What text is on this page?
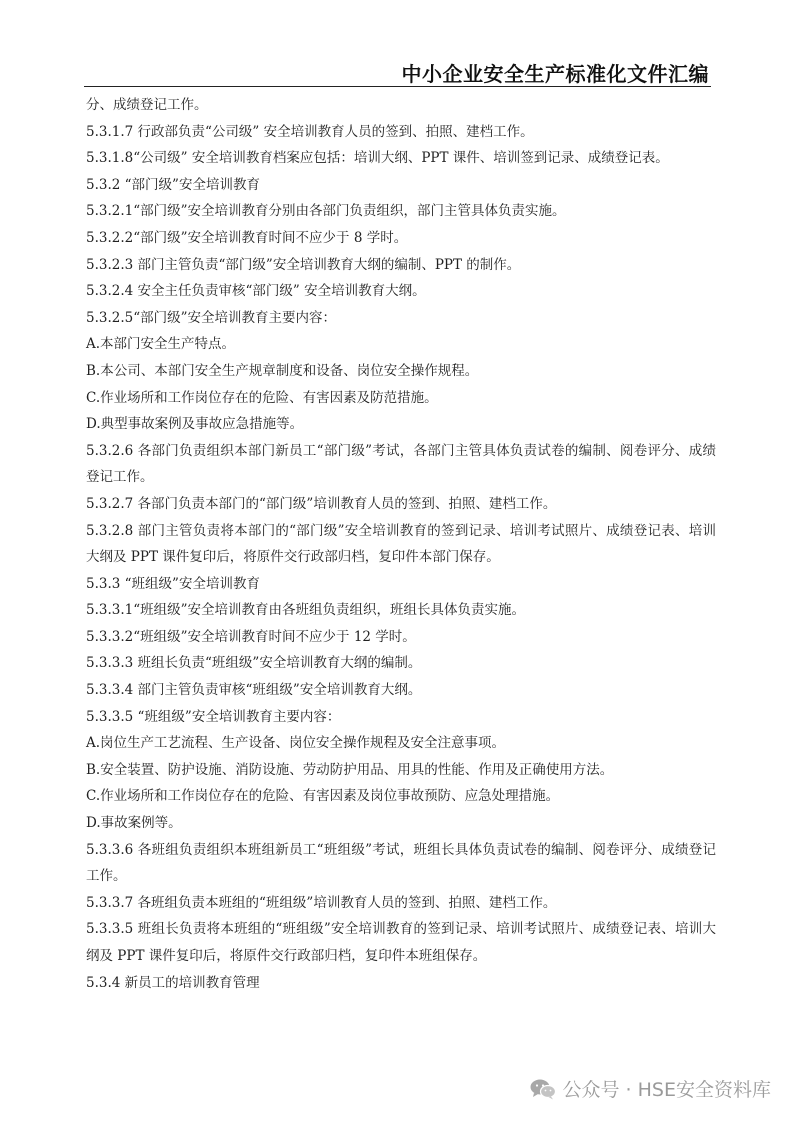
中小企业安全生产标准化文件汇编

分、成绩登记工作。

5.3.1.7 行政部负责“公司级” 安全培训教育人员的签到、拍照、建档工作。

5.3.1.8“公司级” 安全培训教育档案应包括：培训大纲、PPT 课件、培训签到记录、成绩登记表。

5.3.2 “部门级”安全培训教育

5.3.2.1“部门级”安全培训教育分别由各部门负责组织，部门主管具体负责实施。

5.3.2.2“部门级”安全培训教育时间不应少于 8 学时。

5.3.2.3 部门主管负责“部门级”安全培训教育大纲的编制、PPT 的制作。

5.3.2.4 安全主任负责审核“部门级” 安全培训教育大纲。

5.3.2.5“部门级”安全培训教育主要内容：

A.本部门安全生产特点。

B.本公司、本部门安全生产规章制度和设备、岗位安全操作规程。

C.作业场所和工作岗位存在的危险、有害因素及防范措施。

D.典型事故案例及事故应急措施等。

5.3.2.6 各部门负责组织本部门新员工“部门级”考试，各部门主管具体负责试卷的编制、阅卷评分、成绩登记工作。

5.3.2.7 各部门负责本部门的“部门级”培训教育人员的签到、拍照、建档工作。

5.3.2.8 部门主管负责将本部门的“部门级”安全培训教育的签到记录、培训考试照片、成绩登记表、培训大纲及 PPT 课件复印后，将原件交行政部归档，复印件本部门保存。

5.3.3 “班组级”安全培训教育

5.3.3.1“班组级”安全培训教育由各班组负责组织，班组长具体负责实施。

5.3.3.2“班组级”安全培训教育时间不应少于 12 学时。

5.3.3.3 班组长负责“班组级”安全培训教育大纲的编制。

5.3.3.4 部门主管负责审核“班组级”安全培训教育大纲。

5.3.3.5 “班组级”安全培训教育主要内容：

A.岗位生产工艺流程、生产设备、岗位安全操作规程及安全注意事项。

B.安全装置、防护设施、消防设施、劳动防护用品、用具的性能、作用及正确使用方法。

C.作业场所和工作岗位存在的危险、有害因素及岗位事故预防、应急处理措施。

D.事故案例等。

5.3.3.6 各班组负责组织本班组新员工“班组级”考试，班组长具体负责试卷的编制、阅卷评分、成绩登记工作。

5.3.3.7 各班组负责本班组的“班组级”培训教育人员的签到、拍照、建档工作。

5.3.3.5 班组长负责将本班组的“班组级”安全培训教育的签到记录、培训考试照片、成绩登记表、培训大纲及 PPT 课件复印后，将原件交行政部归档，复印件本班组保存。

5.3.4 新员工的培训教育管理

公众号 · HSE安全资料库
